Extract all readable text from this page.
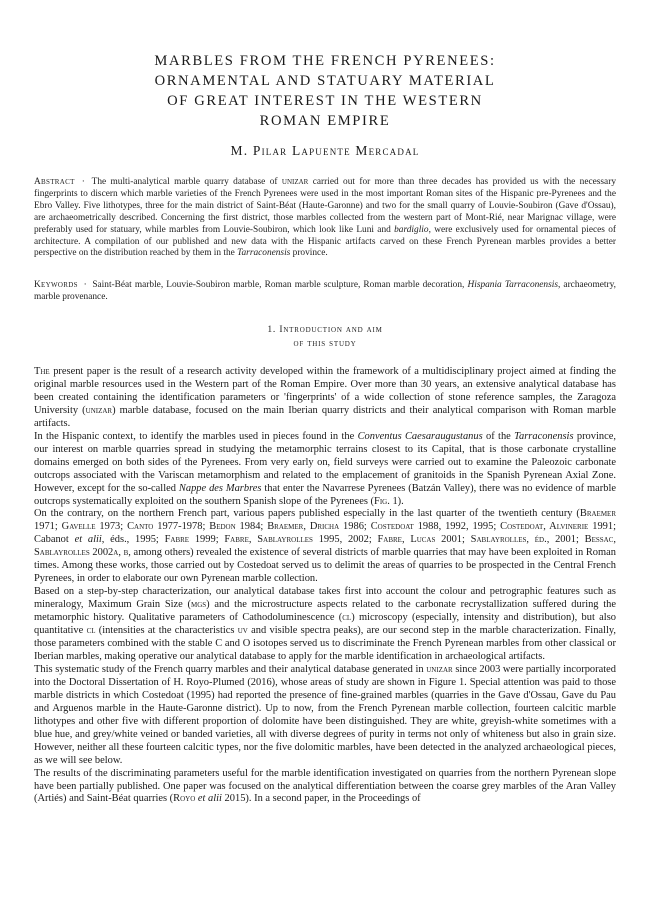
MARBLES FROM THE FRENCH PYRENEES:
ORNAMENTAL AND STATUARY MATERIAL
OF GREAT INTEREST IN THE WESTERN
ROMAN EMPIRE
M. Pilar Lapuente Mercadal
Abstract · The multi-analytical marble quarry database of unizar carried out for more than three decades has provided us with the necessary fingerprints to discern which marble varieties of the French Pyrenees were used in the most important Roman sites of the Hispanic pre-Pyrenees and the Ebro Valley. Five lithotypes, three for the main district of Saint-Béat (Haute-Garonne) and two for the small quarry of Louvie-Soubiron (Gave d'Ossau), are archaeometrically described. Concerning the first district, those marbles collected from the western part of Mont-Rié, near Marignac village, were preferably used for statuary, while marbles from Louvie-Soubiron, which look like Luni and bardiglio, were exclusively used for ornamental pieces of architecture. A compilation of our published and new data with the Hispanic artifacts carved on these French Pyrenean marbles provides a better perspective on the distribution reached by them in the Tarraconensis province.
Keywords · Saint-Béat marble, Louvie-Soubiron marble, Roman marble sculpture, Roman marble decoration, Hispania Tarraconensis, archaeometry, marble provenance.
1. Introduction and aim
of this study

The present paper is the result of a research activity developed within the framework of a multidisciplinary project aimed at finding the original marble resources used in the Western part of the Roman Empire. Over more than 30 years, an extensive analytical database has been created containing the identification parameters or 'fingerprints' of a wide collection of stone reference samples, the Zaragoza University (unizar) marble database, focused on the main Iberian quarry districts and their analytical comparison with Roman marble artifacts.

In the Hispanic context, to identify the marbles used in pieces found in the Conventus Caesaraugustanus of the Tarraconensis province, our interest on marble quarries spread in studying the metamorphic terrains closest to its Capital, that is those carbonate crystalline domains emerged on both sides of the Pyrenees. From very early on, field surveys were carried out to examine the Paleozoic carbonate outcrops associated with the Variscan metamorphism and related to the emplacement of granitoids in the Spanish Pyrenean Axial Zone. However, except for the so-called Nappe des Marbres that enter the Navarrese Pyrenees (Batzán Valley), there was no evidence of marble outcrops systematically exploited on the southern Spanish slope of the Pyrenees (Fig. 1).

On the contrary, on the northern French part, various papers published especially in the last quarter of the twentieth century (Braemer 1971; Gavelle 1973; Canto 1977-1978; Bedon 1984; Braemer, Dricha 1986; Costedoat 1988, 1992, 1995; Costedoat, Alvinerie 1991; Cabanot et alii, éds., 1995; Fabre 1999; Fabre, Sablayrolles 1995, 2002; Fabre, Lucas 2001; Sablayrolles, éd., 2001; Bessac, Sablayrolles 2002a, b, among others) revealed the existence of several districts of marble quarries that may have been exploited in Roman times. Among these works, those carried out by Costedoat served us to delimit the areas of quarries to be prospected in the Central French Pyrenees, in order to elaborate our own Pyrenean marble collection.

Based on a step-by-step characterization, our analytical database takes first into account the colour and petrographic features such as mineralogy, Maximum Grain Size (mgs) and the microstructure aspects related to the carbonate recrystallization suffered during the metamorphic history. Qualitative parameters of Cathodoluminescence (cl) microscopy (especially, intensity and distribution), but also quantitative cl (intensities at the characteristics uv and visible spectra peaks), are our second step in the marble characterization. Finally, those parameters combined with the stable C and O isotopes served us to discriminate the French Pyrenean marbles from other classical or Iberian marbles, making operative our analytical database to apply for the marble identification in archaeological artifacts.

This systematic study of the French quarry marbles and their analytical database generated in unizar since 2003 were partially incorporated into the Doctoral Dissertation of H. Royo-Plumed (2016), whose areas of study are shown in Figure 1. Special attention was paid to those marble districts in which Costedoat (1995) had reported the presence of fine-grained marbles (quarries in the Gave d'Ossau, Gave du Pau and Arguenos marble in the Haute-Garonne district). Up to now, from the French Pyrenean marble collection, fourteen calcitic marble lithotypes and other five with different proportion of dolomite have been distinguished. They are white, greyish-white sometimes with a blue hue, and grey/white veined or banded varieties, all with diverse degrees of purity in terms not only of whiteness but also in grain size. However, neither all these fourteen calcitic types, nor the five dolomitic marbles, have been detected in the analyzed archaeological pieces, as we will see below.

The results of the discriminating parameters useful for the marble identification investigated on quarries from the northern Pyrenean slope have been partially published. One paper was focused on the analytical differentiation between the coarse grey marbles of the Aran Valley (Artiés) and Saint-Béat quarries (Royo et alii 2015). In a second paper, in the Proceedings of
